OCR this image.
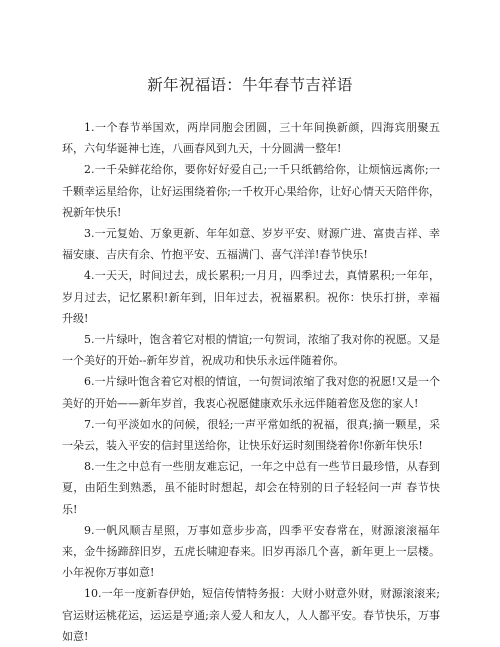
新年祝福语：牛年春节吉祥语

1.一个春节举国欢，两岸同胞会团圆，三十年间换新颜，四海宾朋聚五环，六句华诞神七连，八画春风到九天，十分圆满一整年!

2.一千朵鲜花给你，要你好好爱自己;一千只纸鹤给你，让烦恼远离你;一千颗幸运星给你，让好运围绕着你;一千枚开心果给你，让好心情天天陪伴你，祝新年快乐!

3.一元复始、万象更新、年年如意、岁岁平安、财源广进、富贵吉祥、幸福安康、吉庆有余、竹抱平安、五福满门、喜气洋洋!春节快乐!

4.一天天，时间过去，成长累积;一月月，四季过去，真情累积;一年年，岁月过去，记忆累积!新年到，旧年过去，祝福累积。祝你：快乐打拼，幸福升级!

5.一片绿叶，饱含着它对根的情谊;一句贺词，浓缩了我对你的祝愿。又是一个美好的开始--新年岁首，祝成功和快乐永远伴随着你。

6.一片绿叶饱含着它对根的情谊，一句贺词浓缩了我对您的祝愿!又是一个美好的开始——新年岁首，我衷心祝愿健康欢乐永远伴随着您及您的家人!

7.一句平淡如水的问候，很轻;一声平常如纸的祝福，很真;摘一颗星，采一朵云，装入平安的信封里送给你，让快乐好运时刻围绕着你!你新年快乐!

8.一生之中总有一些朋友难忘记，一年之中总有一些节日最珍惜，从春到夏，由陌生到熟悉，虽不能时时想起，却会在特别的日子轻轻问一声 春节快乐!

9.一帆风顺吉星照，万事如意步步高，四季平安春常在，财源滚滚福年来，金牛扬蹄辞旧岁，五虎长啸迎春来。旧岁再添几个喜，新年更上一层楼。小年祝你万事如意!

10.一年一度新春伊始，短信传情特务报：大财小财意外财，财源滚滚来;官运财运桃花运，运运是亨通;亲人爱人和友人，人人都平安。春节快乐，万事如意!
